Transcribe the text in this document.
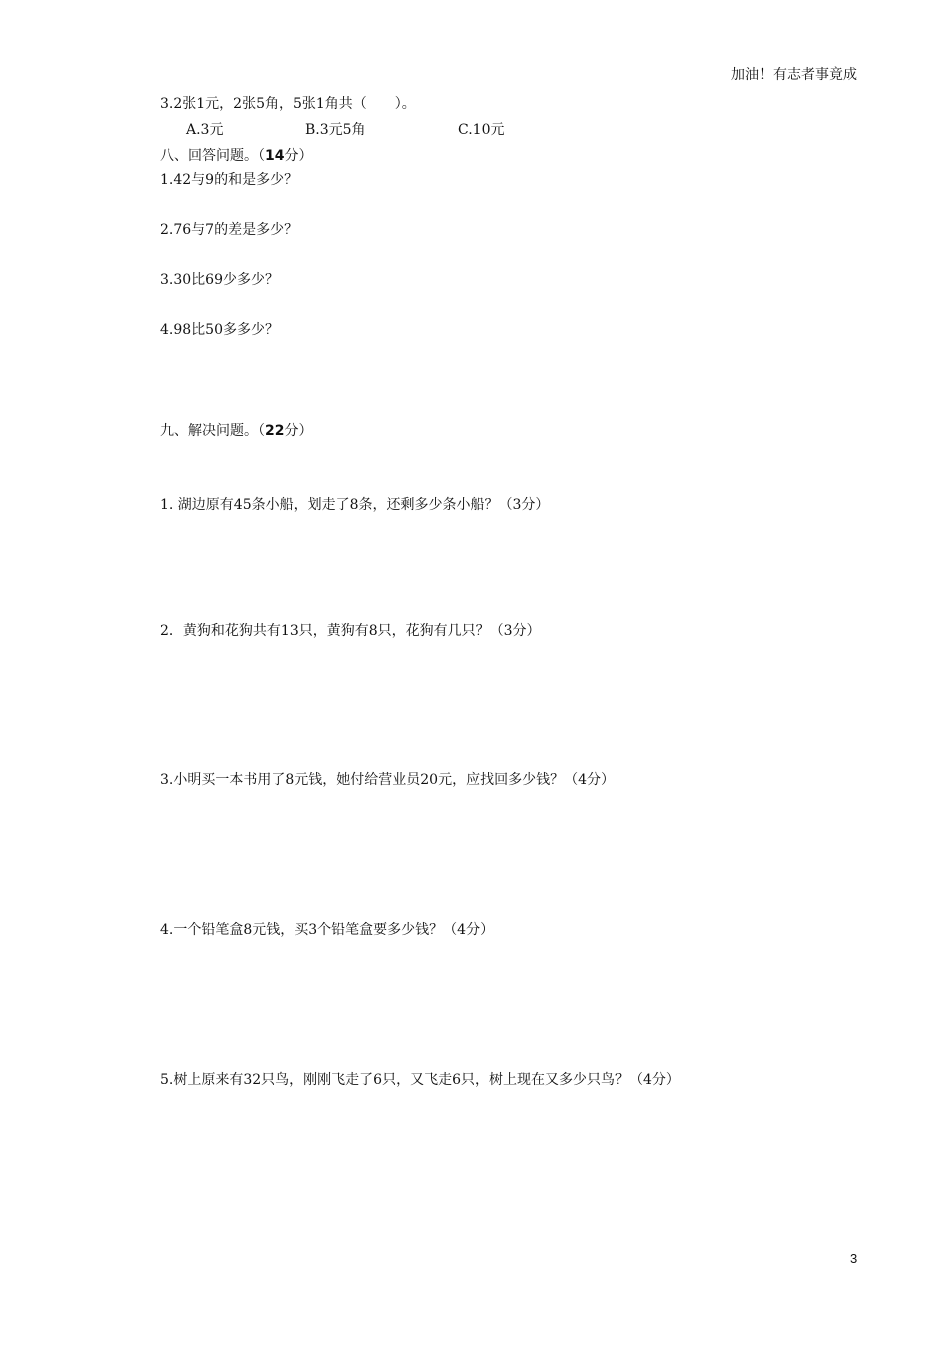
加油！有志者事竟成
3.2张1元，2张5角，5张1角共（　　）。
A.3元	B.3元5角	C.10元
八、回答问题。（14分）
1.42与9的和是多少？
2.76与7的差是多少？
3.30比69少多少？
4.98比50多多少？
九、解决问题。（22分）
1. 湖边原有45条小船，划走了8条，还剩多少条小船？（3分）
2．黄狗和花狗共有13只，黄狗有8只，花狗有几只？（3分）
3.小明买一本书用了8元钱，她付给营业员20元，应找回多少钱？（4分）
4.一个铅笔盒8元钱，买3个铅笔盒要多少钱？（4分）
5.树上原来有32只鸟，刚刚飞走了6只，又飞走6只，树上现在又多少只鸟？（4分）
3
